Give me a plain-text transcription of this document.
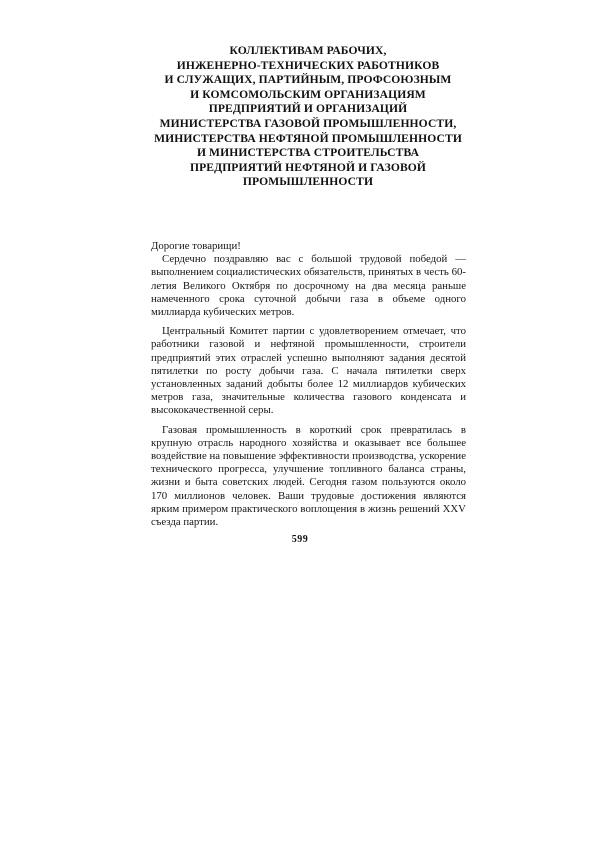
КОЛЛЕКТИВАМ РАБОЧИХ,
ИНЖЕНЕРНО-ТЕХНИЧЕСКИХ РАБОТНИКОВ
И СЛУЖАЩИХ, ПАРТИЙНЫМ, ПРОФСОЮЗНЫМ
И КОМСОМОЛЬСКИМ ОРГАНИЗАЦИЯМ
ПРЕДПРИЯТИЙ И ОРГАНИЗАЦИЙ
МИНИСТЕРСТВА ГАЗОВОЙ ПРОМЫШЛЕННОСТИ,
МИНИСТЕРСТВА НЕФТЯНОЙ ПРОМЫШЛЕННОСТИ
И МИНИСТЕРСТВА СТРОИТЕЛЬСТВА
ПРЕДПРИЯТИЙ НЕФТЯНОЙ И ГАЗОВОЙ
ПРОМЫШЛЕННОСТИ

Дорогие товарищи!

Сердечно поздравляю вас с большой трудовой победой — выполнением социалистических обязательств, принятых в честь 60-летия Великого Октября по досрочному на два месяца раньше намеченного срока суточной добычи газа в объеме одного миллиарда кубических метров.

Центральный Комитет партии с удовлетворением отмечает, что работники газовой и нефтяной промышленности, строители предприятий этих отраслей успешно выполняют задания десятой пятилетки по росту добычи газа. С начала пятилетки сверх установленных заданий добыты более 12 миллиардов кубических метров газа, значительные количества газового конденсата и высококачественной серы.

Газовая промышленность в короткий срок превратилась в крупную отрасль народного хозяйства и оказывает все большее воздействие на повышение эффективности производства, ускорение технического прогресса, улучшение топливного баланса страны, жизни и быта советских людей. Сегодня газом пользуются около 170 миллионов человек. Ваши трудовые достижения являются ярким примером практического воплощения в жизнь решений XXV съезда партии.

599
